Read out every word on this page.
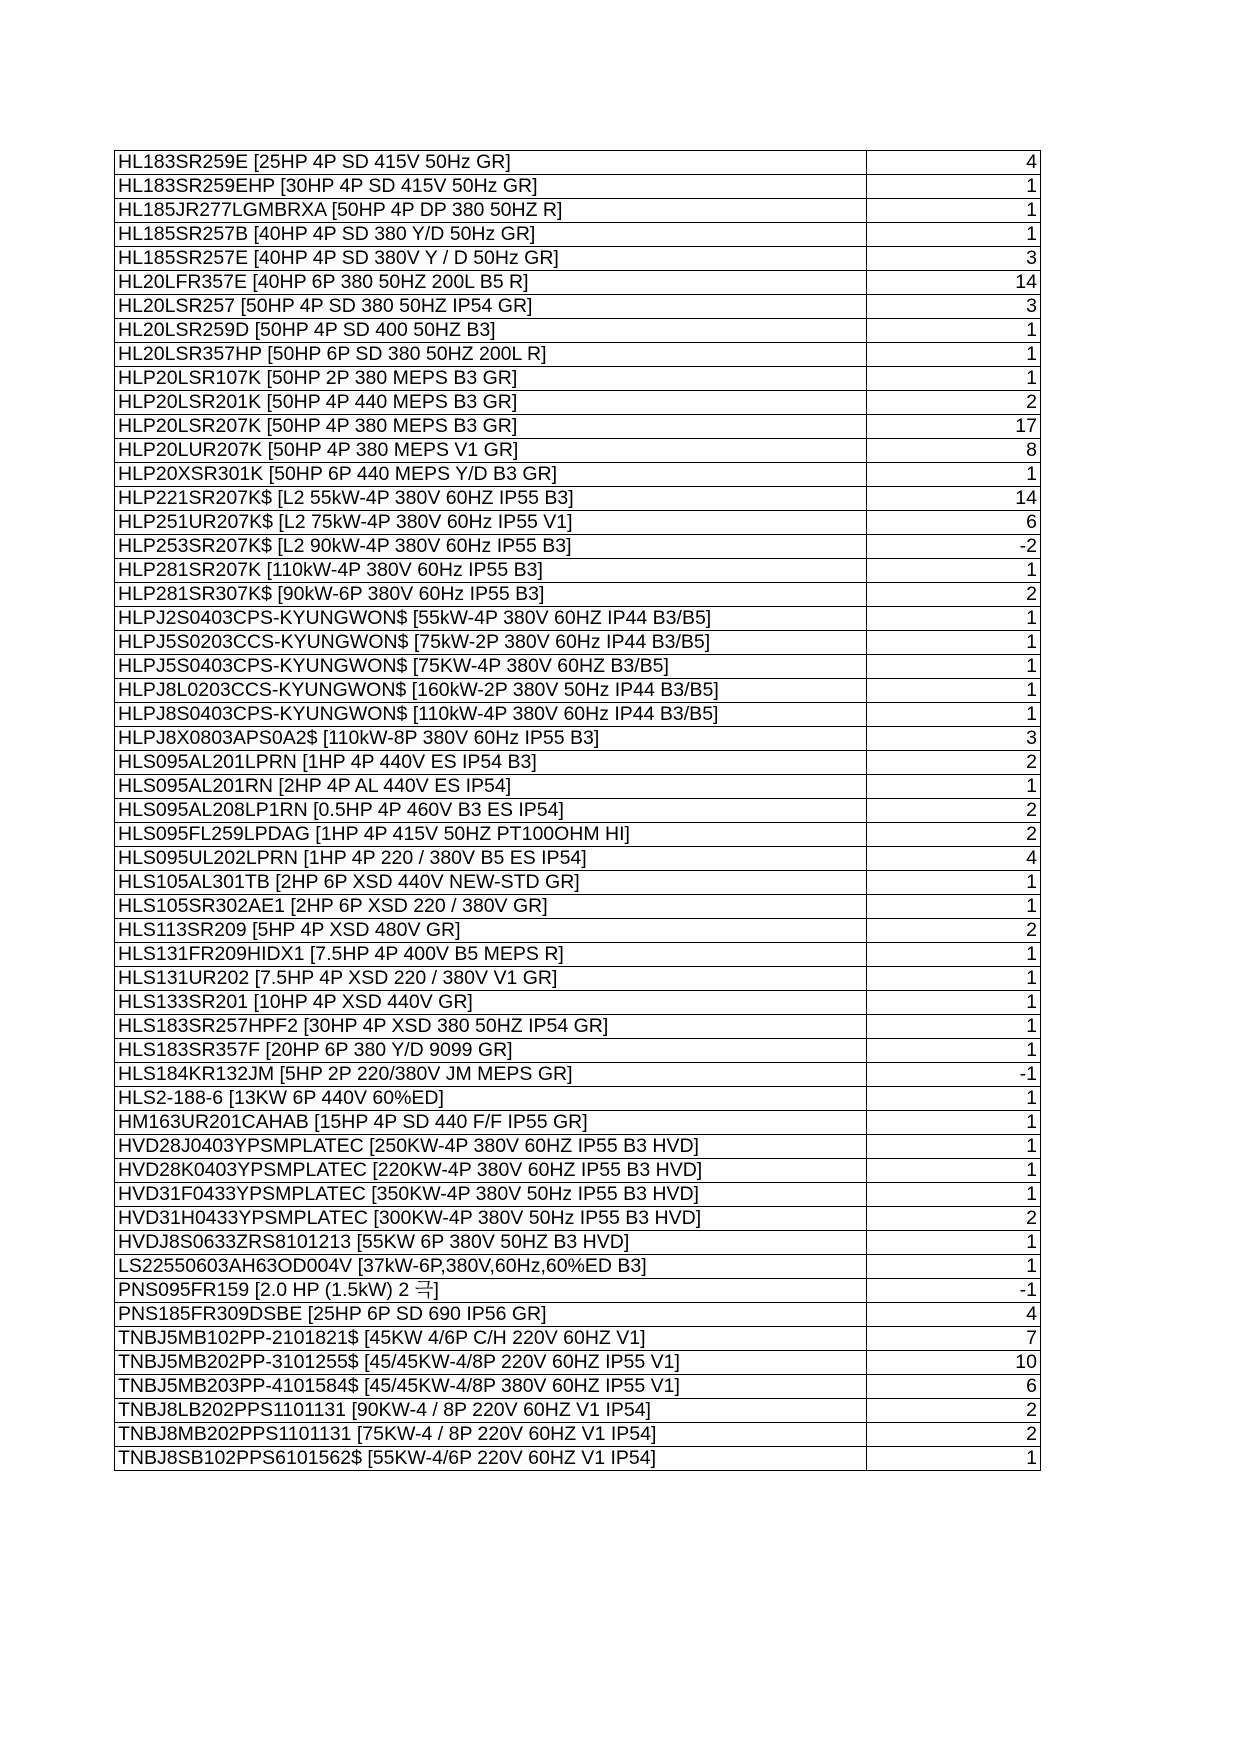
HL183SR259E [25HP 4P SD 415V 50Hz GR]	4
HL183SR259EHP [30HP 4P SD 415V 50Hz GR]	1
HL185JR277LGMBRXA [50HP 4P DP 380 50HZ R]	1
HL185SR257B [40HP 4P SD 380 Y/D 50Hz GR]	1
HL185SR257E [40HP 4P SD 380V Y / D 50Hz GR]	3
HL20LFR357E [40HP 6P 380 50HZ 200L B5 R]	14
HL20LSR257 [50HP 4P SD 380 50HZ IP54 GR]	3
HL20LSR259D [50HP 4P SD 400 50HZ B3]	1
HL20LSR357HP [50HP 6P SD 380 50HZ 200L R]	1
HLP20LSR107K [50HP 2P 380 MEPS B3 GR]	1
HLP20LSR201K [50HP 4P 440 MEPS B3 GR]	2
HLP20LSR207K [50HP 4P 380 MEPS B3 GR]	17
HLP20LUR207K [50HP 4P 380 MEPS V1 GR]	8
HLP20XSR301K [50HP 6P 440 MEPS Y/D B3 GR]	1
HLP221SR207K$ [L2 55kW-4P 380V 60HZ IP55 B3]	14
HLP251UR207K$ [L2 75kW-4P 380V 60Hz IP55 V1]	6
HLP253SR207K$ [L2 90kW-4P 380V 60Hz IP55 B3]	-2
HLP281SR207K [110kW-4P 380V 60Hz IP55 B3]	1
HLP281SR307K$ [90kW-6P 380V 60Hz IP55 B3]	2
HLPJ2S0403CPS-KYUNGWON$ [55kW-4P 380V 60HZ IP44 B3/B5]	1
HLPJ5S0203CCS-KYUNGWON$ [75kW-2P 380V 60Hz IP44 B3/B5]	1
HLPJ5S0403CPS-KYUNGWON$ [75KW-4P 380V 60HZ B3/B5]	1
HLPJ8L0203CCS-KYUNGWON$ [160kW-2P 380V 50Hz IP44 B3/B5]	1
HLPJ8S0403CPS-KYUNGWON$ [110kW-4P 380V 60Hz IP44 B3/B5]	1
HLPJ8X0803APS0A2$ [110kW-8P 380V 60Hz IP55 B3]	3
HLS095AL201LPRN [1HP 4P 440V ES IP54 B3]	2
HLS095AL201RN [2HP 4P AL 440V ES IP54]	1
HLS095AL208LP1RN [0.5HP 4P 460V B3 ES IP54]	2
HLS095FL259LPDAG [1HP 4P 415V 50HZ PT100OHM HI]	2
HLS095UL202LPRN [1HP 4P 220 / 380V B5 ES IP54]	4
HLS105AL301TB [2HP 6P XSD 440V NEW-STD GR]	1
HLS105SR302AE1 [2HP 6P XSD 220 / 380V GR]	1
HLS113SR209 [5HP 4P XSD 480V GR]	2
HLS131FR209HIDX1 [7.5HP 4P 400V B5 MEPS R]	1
HLS131UR202 [7.5HP 4P XSD 220 / 380V V1 GR]	1
HLS133SR201 [10HP 4P XSD 440V GR]	1
HLS183SR257HPF2 [30HP 4P XSD 380 50HZ IP54 GR]	1
HLS183SR357F [20HP 6P 380 Y/D 9099 GR]	1
HLS184KR132JM [5HP 2P 220/380V JM MEPS GR]	-1
HLS2-188-6 [13KW 6P 440V 60%ED]	1
HM163UR201CAHAB [15HP 4P SD 440 F/F IP55 GR]	1
HVD28J0403YPSMPLATEC [250KW-4P 380V 60HZ IP55 B3 HVD]	1
HVD28K0403YPSMPLATEC [220KW-4P 380V 60HZ IP55 B3 HVD]	1
HVD31F0433YPSMPLATEC [350KW-4P 380V 50Hz IP55 B3 HVD]	1
HVD31H0433YPSMPLATEC [300KW-4P 380V 50Hz IP55 B3 HVD]	2
HVDJ8S0633ZRS8101213 [55KW 6P 380V 50HZ B3 HVD]	1
LS22550603AH63OD004V [37kW-6P,380V,60Hz,60%ED B3]	1
PNS095FR159 [2.0 HP (1.5kW) 2 극]	-1
PNS185FR309DSBE [25HP 6P SD 690 IP56 GR]	4
TNBJ5MB102PP-2101821$ [45KW 4/6P C/H 220V 60HZ V1]	7
TNBJ5MB202PP-3101255$ [45/45KW-4/8P 220V 60HZ IP55 V1]	10
TNBJ5MB203PP-4101584$ [45/45KW-4/8P 380V 60HZ IP55 V1]	6
TNBJ8LB202PPS1101131 [90KW-4 / 8P 220V 60HZ V1 IP54]	2
TNBJ8MB202PPS1101131 [75KW-4 / 8P 220V 60HZ V1 IP54]	2
TNBJ8SB102PPS6101562$ [55KW-4/6P 220V 60HZ V1 IP54]	1
